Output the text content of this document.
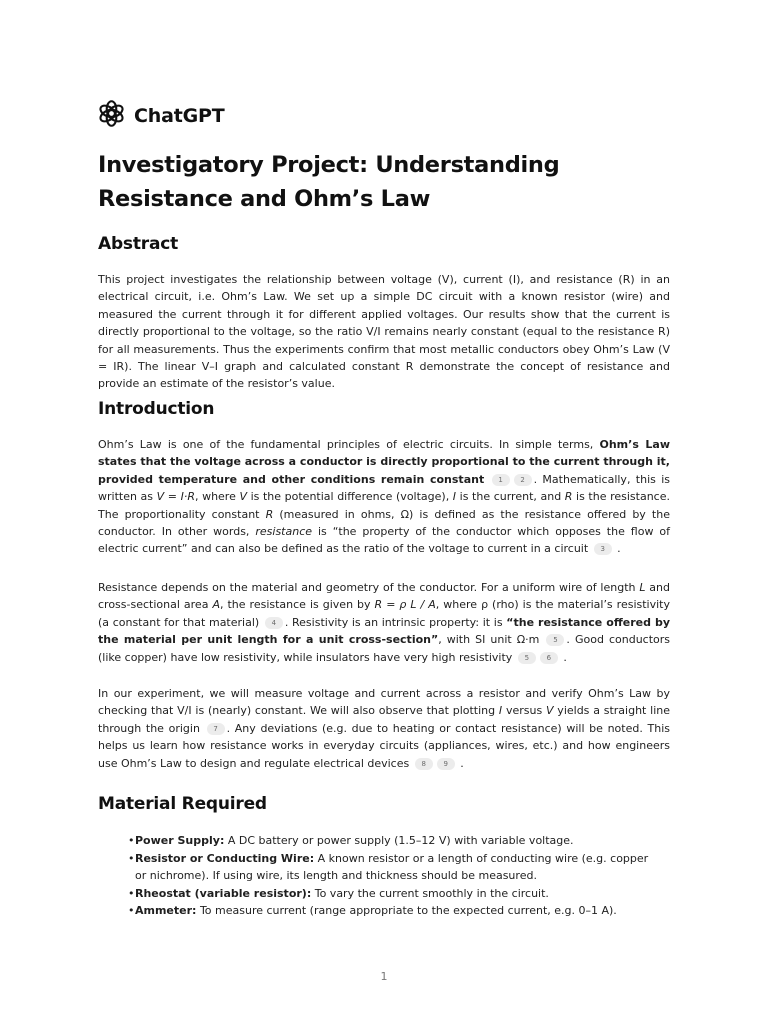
ChatGPT
Investigatory Project: Understanding Resistance and Ohm’s Law
Abstract

This project investigates the relationship between voltage (V), current (I), and resistance (R) in an electrical circuit, i.e. Ohm’s Law. We set up a simple DC circuit with a known resistor (wire) and measured the current through it for different applied voltages. Our results show that the current is directly proportional to the voltage, so the ratio V/I remains nearly constant (equal to the resistance R) for all measurements. Thus the experiments confirm that most metallic conductors obey Ohm’s Law (V = IR). The linear V–I graph and calculated constant R demonstrate the concept of resistance and provide an estimate of the resistor’s value.

Introduction

Ohm’s Law is one of the fundamental principles of electric circuits. In simple terms, Ohm’s Law states that the voltage across a conductor is directly proportional to the current through it, provided temperature and other conditions remain constant 1	2 . Mathematically, this is written as V = I·R, where V is the potential difference (voltage), I is the current, and R is the resistance. The proportionality constant R (measured in ohms, Ω) is defined as the resistance offered by the conductor. In other words, resistance is “the property of the conductor which opposes the flow of electric current” and can also be defined as the ratio of the voltage to current in a circuit 3 .

Resistance depends on the material and geometry of the conductor. For a uniform wire of length L and cross-sectional area A, the resistance is given by R = ρ L / A, where ρ (rho) is the material’s resistivity (a constant for that material) 4 . Resistivity is an intrinsic property: it is “the resistance offered by the material per unit length for a unit cross-section”, with SI unit Ω·m 5 . Good conductors (like copper) have low resistivity, while insulators have very high resistivity 5	6 .

In our experiment, we will measure voltage and current across a resistor and verify Ohm’s Law by checking that V/I is (nearly) constant. We will also observe that plotting I versus V yields a straight line through the origin 7 . Any deviations (e.g. due to heating or contact resistance) will be noted. This helps us learn how resistance works in everyday circuits (appliances, wires, etc.) and how engineers use Ohm’s Law to design and regulate electrical devices 8	9 .

Material Required
• Power Supply: A DC battery or power supply (1.5–12 V) with variable voltage.
• Resistor or Conducting Wire: A known resistor or a length of conducting wire (e.g. copper or nichrome). If using wire, its length and thickness should be measured.
• Rheostat (variable resistor): To vary the current smoothly in the circuit.
• Ammeter: To measure current (range appropriate to the expected current, e.g. 0–1 A).
1
